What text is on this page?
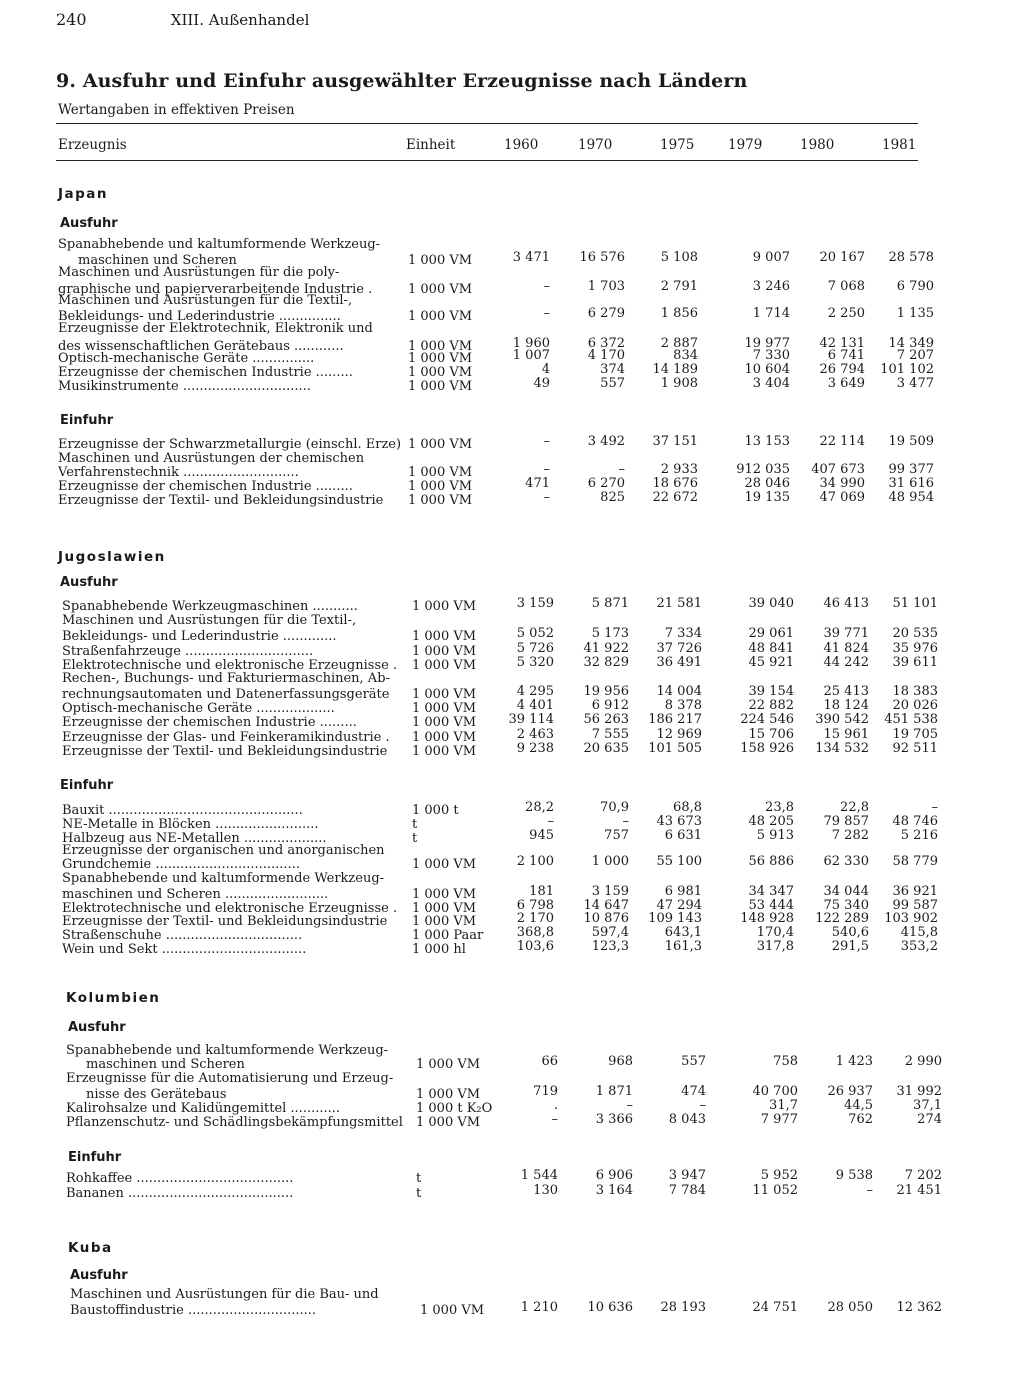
240	XIII. Außenhandel
9. Ausfuhr und Einfuhr ausgewählter Erzeugnisse nach Ländern
Wertangaben in effektiven Preisen
Erzeugnis	Einheit	1960	1970	1975 1979	1980	1981
Japan
Ausfuhr
Spanabhebende und kaltumformende Werkzeug-
maschinen und Scheren	1 000 VM	3 471	16 576	5 108	9 007	20 167	28 578
Maschinen und Ausrüstungen für die poly-
graphische und papierverarbeitende Industrie .	1 000 VM	–	1 703	2 791	3 246	7 068	6 790
Maschinen und Ausrüstungen für die Textil-,
Bekleidungs- und Lederindustrie ...............	1 000 VM	–	6 279	1 856	1 714	2 250	1 135
Erzeugnisse der Elektrotechnik, Elektronik und
des wissenschaftlichen Gerätebaus ............	1 000 VM	1 960	6 372	2 887	19 977	42 131	14 349
Optisch-mechanische Geräte ...............	1 000 VM	1 007	4 170	834	7 330	6 741	7 207
Erzeugnisse der chemischen Industrie .........	1 000 VM	4	374	14 189	10 604	26 794	101 102
Musikinstrumente ...............................	1 000 VM	49	557	1 908	3 404	3 649	3 477
Einfuhr
Erzeugnisse der Schwarzmetallurgie (einschl. Erze) 1 000 VM	–	3 492	37 151	13 153	22 114	19 509
Maschinen und Ausrüstungen der chemischen
Verfahrenstechnik ............................	1 000 VM	–	–	2 933	912 035	407 673	99 377
Erzeugnisse der chemischen Industrie .........	1 000 VM	471	6 270	18 676	28 046	34 990	31 616
Erzeugnisse der Textil- und Bekleidungsindustrie	1 000 VM	–	825	22 672	19 135	47 069	48 954
Jugoslawien
Ausfuhr
Spanabhebende Werkzeugmaschinen ...........	1 000 VM	3 159	5 871	21 581	39 040	46 413	51 101
Maschinen und Ausrüstungen für die Textil-,
Bekleidungs- und Lederindustrie .............	1 000 VM	5 052	5 173	7 334	29 061	39 771	20 535
Straßenfahrzeuge ...............................	1 000 VM	5 726	41 922	37 726	48 841	41 824	35 976
Elektrotechnische und elektronische Erzeugnisse .	1 000 VM	5 320	32 829	36 491	45 921	44 242	39 611
Rechen-, Buchungs- und Fakturiermaschinen, Ab-
rechnungsautomaten und Datenerfassungsgeräte	1 000 VM	4 295	19 956	14 004	39 154	25 413	18 383
Optisch-mechanische Geräte ...................	1 000 VM	4 401	6 912	8 378	22 882	18 124	20 026
Erzeugnisse der chemischen Industrie .........	1 000 VM	39 114	56 263	186 217	224 546	390 542	451 538
Erzeugnisse der Glas- und Feinkeramikindustrie .	1 000 VM	2 463	7 555	12 969	15 706	15 961	19 705
Erzeugnisse der Textil- und Bekleidungsindustrie	1 000 VM	9 238	20 635	101 505	158 926	134 532	92 511
Einfuhr
Bauxit ...............................................	1 000 t	28,2	70,9	68,8	23,8	22,8	–
NE-Metalle in Blöcken .........................	t	–	–	43 673	48 205	79 857	48 746
Halbzeug aus NE-Metallen ....................	t	945	757	6 631	5 913	7 282	5 216
Erzeugnisse der organischen und anorganischen
Grundchemie ...................................	1 000 VM	2 100	1 000	55 100	56 886	62 330	58 779
Spanabhebende und kaltumformende Werkzeug-
maschinen und Scheren .........................	1 000 VM	181	3 159	6 981	34 347	34 044	36 921
Elektrotechnische und elektronische Erzeugnisse .	1 000 VM	6 798	14 647	47 294	53 444	75 340	99 587
Erzeugnisse der Textil- und Bekleidungsindustrie	1 000 VM	2 170	10 876	109 143	148 928	122 289	103 902
Straßenschuhe .................................	1 000 Paar	368,8	597,4	643,1	170,4	540,6	415,8
Wein und Sekt ...................................	1 000 hl	103,6	123,3	161,3	317,8	291,5	353,2
Kolumbien
Ausfuhr
Spanabhebende und kaltumformende Werkzeug-
maschinen und Scheren	1 000 VM	66	968	557	758	1 423	2 990
Erzeugnisse für die Automatisierung und Erzeug-
nisse des Gerätebaus	1 000 VM	719	1 871	474	40 700	26 937	31 992
Kalirohsalze und Kalidüngemittel ............	1 000 t K₂O	.	–	–	31,7	44,5	37,1
Pflanzenschutz- und Schädlingsbekämpfungsmittel	1 000 VM	–	3 366	8 043	7 977	762	274
Einfuhr
Rohkaffee ......................................	t	1 544	6 906	3 947	5 952	9 538	7 202
Bananen ........................................	t	130	3 164	7 784	11 052	–	21 451
Kuba
Ausfuhr
Maschinen und Ausrüstungen für die Bau- und
Baustoffindustrie ...............................	1 000 VM	1 210	10 636	28 193	24 751	28 050	12 362
